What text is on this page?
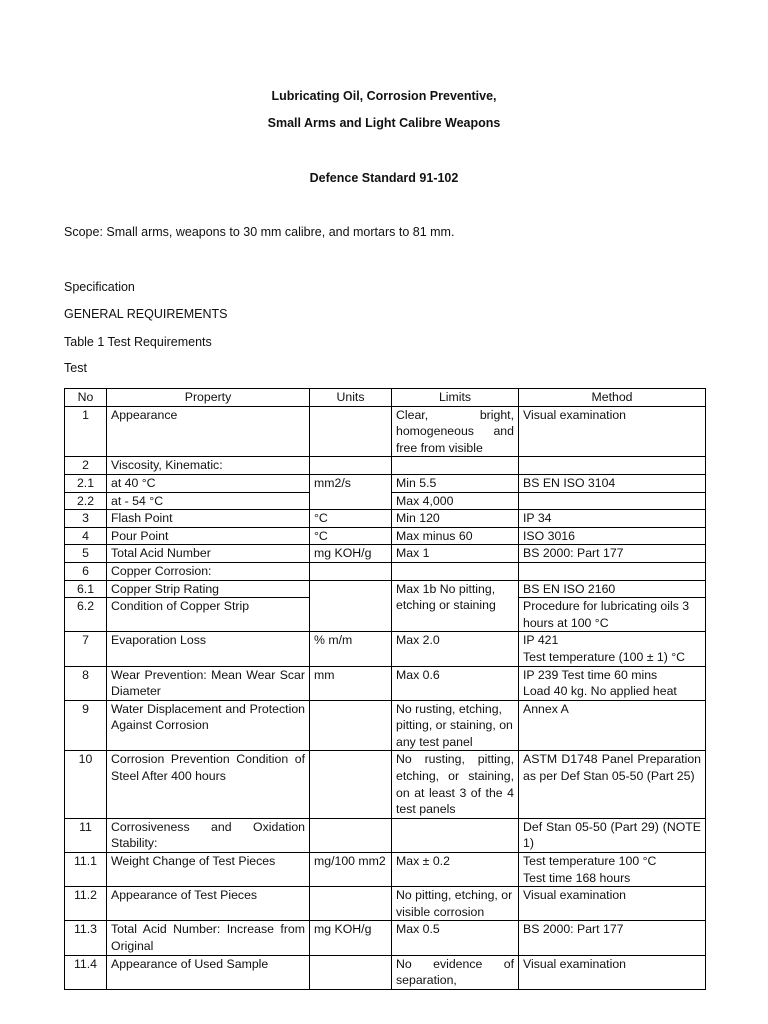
Lubricating Oil, Corrosion Preventive,
Small Arms and Light Calibre Weapons
Defence Standard 91-102
Scope: Small arms, weapons to 30 mm calibre, and mortars to 81 mm.
Specification
GENERAL REQUIREMENTS
Table 1 Test Requirements
Test
No	Property	Units	Limits	Method
1	Appearance		Clear, bright, homogeneous and free from visible	Visual examination
2	Viscosity, Kinematic:			
2.1	at 40 °C	mm2/s	Min 5.5	BS EN ISO 3104
2.2	at - 54 °C		Max 4,000	
3	Flash Point	°C	Min 120	IP 34
4	Pour Point	°C	Max minus 60	ISO 3016
5	Total Acid Number	mg KOH/g	Max 1	BS 2000: Part 177
6	Copper Corrosion:			
6.1	Copper Strip Rating		Max 1b No pitting, etching or staining	BS EN ISO 2160
6.2	Condition of Copper Strip			Procedure for lubricating oils 3 hours at 100 °C
7	Evaporation Loss	% m/m	Max 2.0	IP 421
Test temperature (100 ± 1) °C

8	Wear Prevention: Mean Wear Scar Diameter	mm	Max 0.6	IP 239 Test time 60 mins
Load 40 kg. No applied heat

9	Water Displacement and Protection Against Corrosion		No rusting, etching, pitting, or staining, on any test panel	Annex A
10	Corrosion Prevention Condition of Steel After 400 hours		No rusting, pitting, etching, or staining, on at least 3 of the 4 test panels	ASTM D1748 Panel Preparation as per Def Stan 05-50 (Part 25)
11	Corrosiveness and Oxidation Stability:			Def Stan 05-50 (Part 29) (NOTE 1)
11.1	Weight Change of Test Pieces	mg/100 mm2	Max ± 0.2	Test temperature 100 °C
Test time 168 hours

11.2	Appearance of Test Pieces		No pitting, etching, or visible corrosion	Visual examination
11.3	Total Acid Number: Increase from Original	mg KOH/g	Max 0.5	BS 2000: Part 177
11.4	Appearance of Used Sample		No evidence of separation,	Visual examination
